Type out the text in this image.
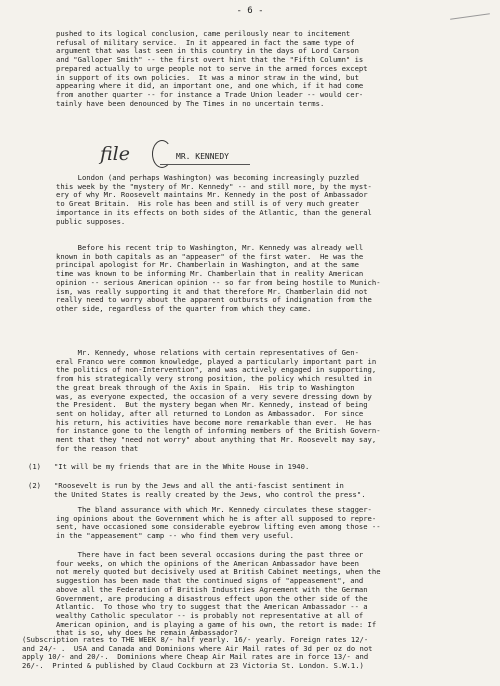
- 6 -
pushed to its logical conclusion, came perilously near to incitement
refusal of military service.  In it appeared in fact the same type of
argument that was last seen in this country in the days of Lord Carson
and "Galloper Smith" -- the first overt hint that the "Fifth Column" is
prepared actually to urge people not to serve in the armed forces except
in support of its own policies.  It was a minor straw in the wind, but
appearing where it did, an important one, and one which, if it had come
from another quarter -- for instance a Trade Union leader -- would cer-
tainly have been denounced by The Times in no uncertain terms.
file	MR. KENNEDY
London (and perhaps Washington) was becoming increasingly puzzled
this week by the "mystery of Mr. Kennedy" -- and still more, by the myst-
ery of why Mr. Roosevelt maintains Mr. Kennedy in the post of Ambassador
to Great Britain.  His role has been and still is of very much greater
importance in its effects on both sides of the Atlantic, than the general
public supposes.
Before his recent trip to Washington, Mr. Kennedy was already well
known in both capitals as an "appeaser" of the first water.  He was the
principal apologist for Mr. Chamberlain in Washington, and at the same
time was known to be informing Mr. Chamberlain that in reality American
opinion -- serious American opinion -- so far from being hostile to Munich-
ism, was really supporting it and that therefore Mr. Chamberlain did not
really need to worry about the apparent outbursts of indignation from the
other side, regardless of the quarter from which they came.
Mr. Kennedy, whose relations with certain representatives of Gen-
eral Franco were common knowledge, played a particularly important part in
the politics of non-Intervention", and was actively engaged in supporting,
from his strategically very strong position, the policy which resulted in
the great break through of the Axis in Spain.  His trip to Washington
was, as everyone expected, the occasion of a very severe dressing down by
the President.  But the mystery began when Mr. Kennedy, instead of being
sent on holiday, after all returned to London as Ambassador.  For since
his return, his activities have become more remarkable than ever.  He has
for instance gone to the length of informing members of the British Govern-
ment that they "need not worry" about anything that Mr. Roosevelt may say,
for the reason that
(1)   "It will be my friends that are in the White House in 1940.
(2)   "Roosevelt is run by the Jews and all the anti-fascist sentiment in
the United States is really created by the Jews, who control the press".
The bland assurance with which Mr. Kennedy circulates these stagger-
ing opinions about the Government which he is after all supposed to repre-
sent, have occasioned some considerable eyebrow lifting even among those --
in the "appeasement" camp -- who find them very useful.
There have in fact been several occasions during the past three or
four weeks, on which the opinions of the American Ambassador have been
not merely quoted but decisively used at British Cabinet meetings, when the
suggestion has been made that the continued signs of "appeasement", and
above all the Federation of British Industries Agreement with the German
Government, are producing a disastrous effect upon the other side of the
Atlantic.  To those who try to suggest that the American Ambassador -- a
wealthy Catholic speculator -- is probably not representative at all of
American opinion, and is playing a game of his own, the retort is made: If
that is so, why does he remain Ambassador?
(Subscription rates to THE WEEK 8/- half yearly. 16/- yearly. Foreign rates 12/-
and 24/- .  USA and Canada and Dominions where Air Mail rates of 3d per oz do not
apply 10/- and 20/-.  Dominions where Cheap Air Mail rates are in force 13/- and
26/-.  Printed & published by Claud Cockburn at 23 Victoria St. London. S.W.1.)
